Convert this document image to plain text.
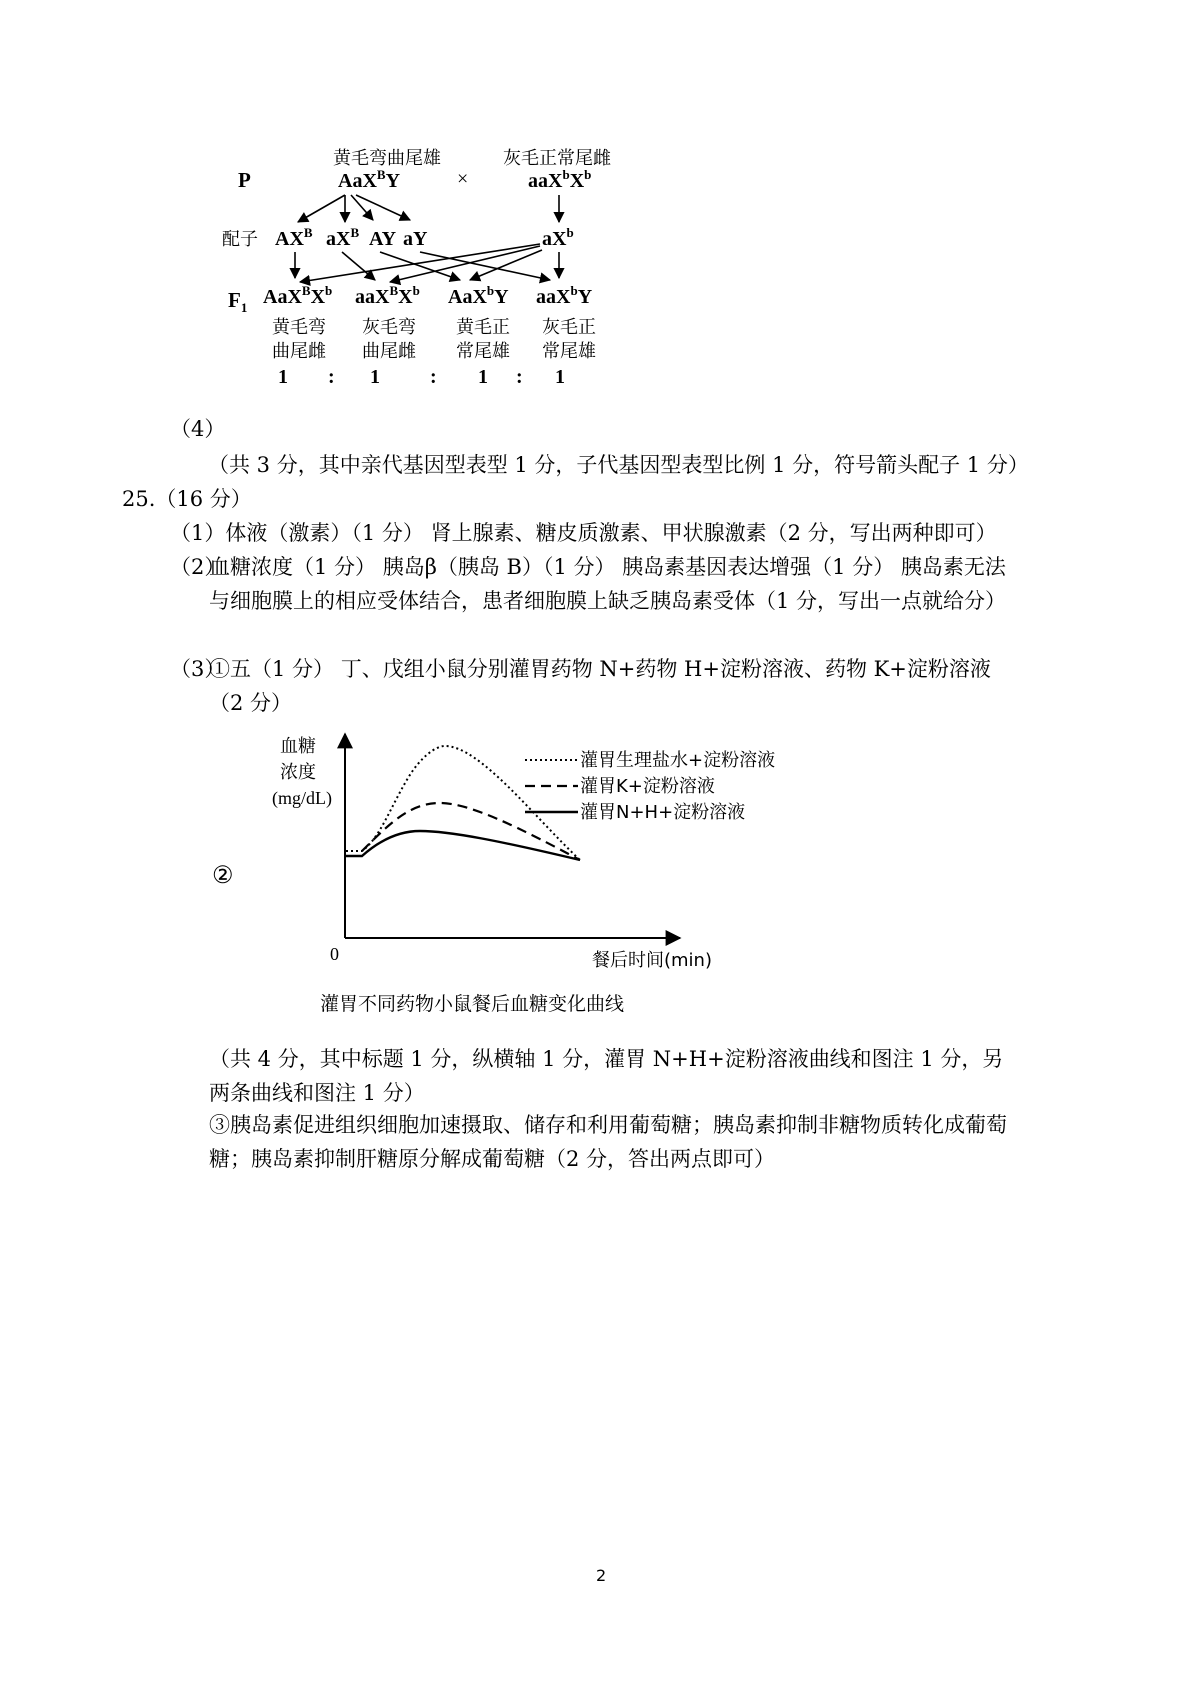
P
黄毛弯曲尾雄
AaX$^B$Y	×
灰毛正常尾雌
$aaX^bX^b$
配子 $AX^B$ $aX^B$ AY aY	$aX^b$
$F_1$ $AaX^BX^b$ $aaX^BX^b$ AaX$^b$Y aaX$^b$Y
黄毛弯
曲尾雌
灰毛弯
曲尾雌
黄毛正
常尾雄
灰毛正
常尾雄
1 : 1	: 1 : 1
（4）
（共 3 分，其中亲代基因型表型 1 分，子代基因型表型比例 1 分，符号箭头配子 1 分）
25.（16 分）
（1）体液（激素）（1 分） 肾上腺素、糖皮质激素、甲状腺激素（2 分，写出两种即可）
（2）
血糖浓度（1 分） 胰岛β（胰岛 B）（1 分） 胰岛素基因表达增强（1 分） 胰岛素无法与细胞膜上的相应受体结合，患者细胞膜上缺乏胰岛素受体（1 分，写出一点就给分）
（3）
①五（1 分） 丁、戊组小鼠分别灌胃药物 N+药物 H+淀粉溶液、药物 K+淀粉溶液（2 分）
②
血糖
浓度
(mg/dL)
0	餐后时间(min)
灌胃生理盐水+淀粉溶液
灌胃K+淀粉溶液
灌胃N+H+淀粉溶液
灌胃不同药物小鼠餐后血糖变化曲线
（共 4 分，其中标题 1 分，纵横轴 1 分，灌胃 N+H+淀粉溶液曲线和图注 1 分，另两条曲线和图注 1 分）
③胰岛素促进组织细胞加速摄取、储存和利用葡萄糖；胰岛素抑制非糖物质转化成葡萄糖；胰岛素抑制肝糖原分解成葡萄糖（2 分，答出两点即可）
2
